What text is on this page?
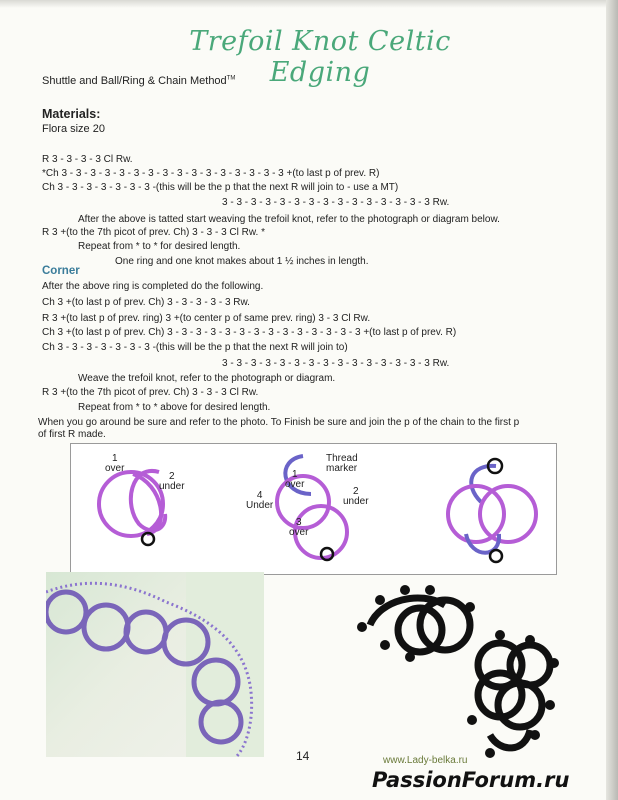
Trefoil Knot Celtic Edging
Shuttle and Ball/Ring & Chain Method™
Materials:
Flora size 20
R 3 - 3 - 3 - 3 Cl Rw.
*Ch 3 - 3 - 3 - 3 - 3 - 3 - 3 - 3 - 3 - 3 - 3 - 3 - 3 - 3 - 3 - 3 +(to last p of prev. R)
Ch 3 - 3 - 3 - 3 - 3 - 3 - 3 -(this will be the p that the next R will join to - use a MT)
3 - 3 - 3 - 3 - 3 - 3 - 3 - 3 - 3 - 3 - 3 - 3 - 3 - 3 - 3 Rw.
After the above is tatted start weaving the trefoil knot, refer to the photograph or diagram below.
R 3 +(to the 7th picot of prev. Ch) 3 - 3 - 3 Cl Rw. *
Repeat from * to * for desired length.
One ring and one knot makes about 1 ½ inches in length.
Corner
After the above ring is completed do the following.
Ch 3 +(to last p of prev. Ch) 3 - 3 - 3 - 3 - 3 Rw.
R 3 +(to last p of prev. ring) 3 +(to center p of same prev. ring) 3 - 3 Cl Rw.
Ch 3 +(to last p of prev. Ch) 3 - 3 - 3 - 3 - 3 - 3 - 3 - 3 - 3 - 3 - 3 - 3 - 3 - 3 +(to last p of prev. R)
Ch 3 - 3 - 3 - 3 - 3 - 3 - 3 -(this will be the p that the next R will join to)
3 - 3 - 3 - 3 - 3 - 3 - 3 - 3 - 3 - 3 - 3 - 3 - 3 - 3 - 3 Rw.
Weave the trefoil knot, refer to the photograph or diagram.
R 3 +(to the 7th picot of prev. Ch) 3 - 3 - 3 Cl Rw.
Repeat from * to * above for desired length.
When you go around be sure and refer to the photo. To Finish be sure and join the p of the chain to the first p
of first R made.
1
over
2
under
Thread
marker
1
over
2
under
4
Under
3
over
14	www.Lady-belka.ru
PassionForum.ru
